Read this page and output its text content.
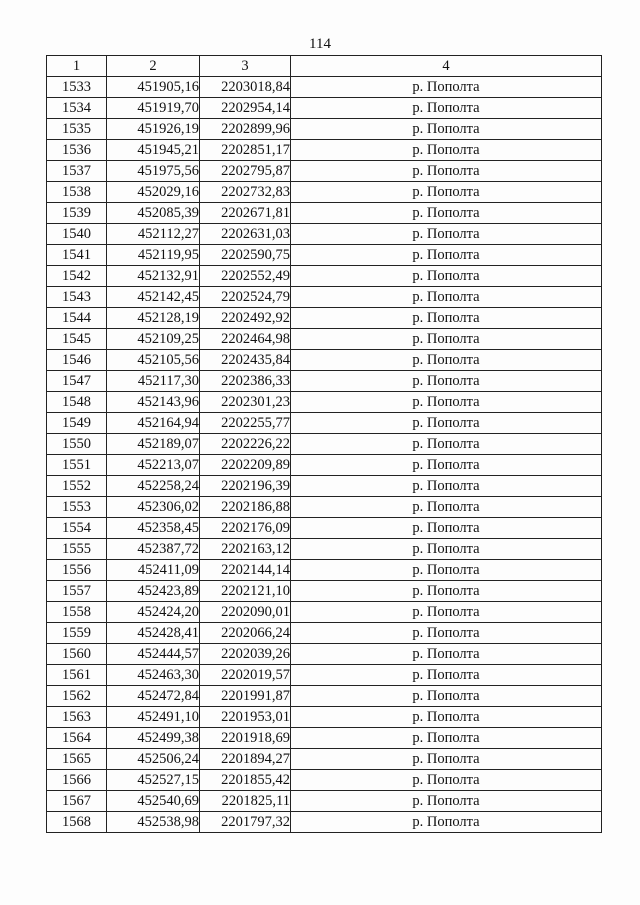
114
1	2	3	4
1533	451905,16	2203018,84	р. Пополта
1534	451919,70	2202954,14	р. Пополта
1535	451926,19	2202899,96	р. Пополта
1536	451945,21	2202851,17	р. Пополта
1537	451975,56	2202795,87	р. Пополта
1538	452029,16	2202732,83	р. Пополта
1539	452085,39	2202671,81	р. Пополта
1540	452112,27	2202631,03	р. Пополта
1541	452119,95	2202590,75	р. Пополта
1542	452132,91	2202552,49	р. Пополта
1543	452142,45	2202524,79	р. Пополта
1544	452128,19	2202492,92	р. Пополта
1545	452109,25	2202464,98	р. Пополта
1546	452105,56	2202435,84	р. Пополта
1547	452117,30	2202386,33	р. Пополта
1548	452143,96	2202301,23	р. Пополта
1549	452164,94	2202255,77	р. Пополта
1550	452189,07	2202226,22	р. Пополта
1551	452213,07	2202209,89	р. Пополта
1552	452258,24	2202196,39	р. Пополта
1553	452306,02	2202186,88	р. Пополта
1554	452358,45	2202176,09	р. Пополта
1555	452387,72	2202163,12	р. Пополта
1556	452411,09	2202144,14	р. Пополта
1557	452423,89	2202121,10	р. Пополта
1558	452424,20	2202090,01	р. Пополта
1559	452428,41	2202066,24	р. Пополта
1560	452444,57	2202039,26	р. Пополта
1561	452463,30	2202019,57	р. Пополта
1562	452472,84	2201991,87	р. Пополта
1563	452491,10	2201953,01	р. Пополта
1564	452499,38	2201918,69	р. Пополта
1565	452506,24	2201894,27	р. Пополта
1566	452527,15	2201855,42	р. Пополта
1567	452540,69	2201825,11	р. Пополта
1568	452538,98	2201797,32	р. Пополта
